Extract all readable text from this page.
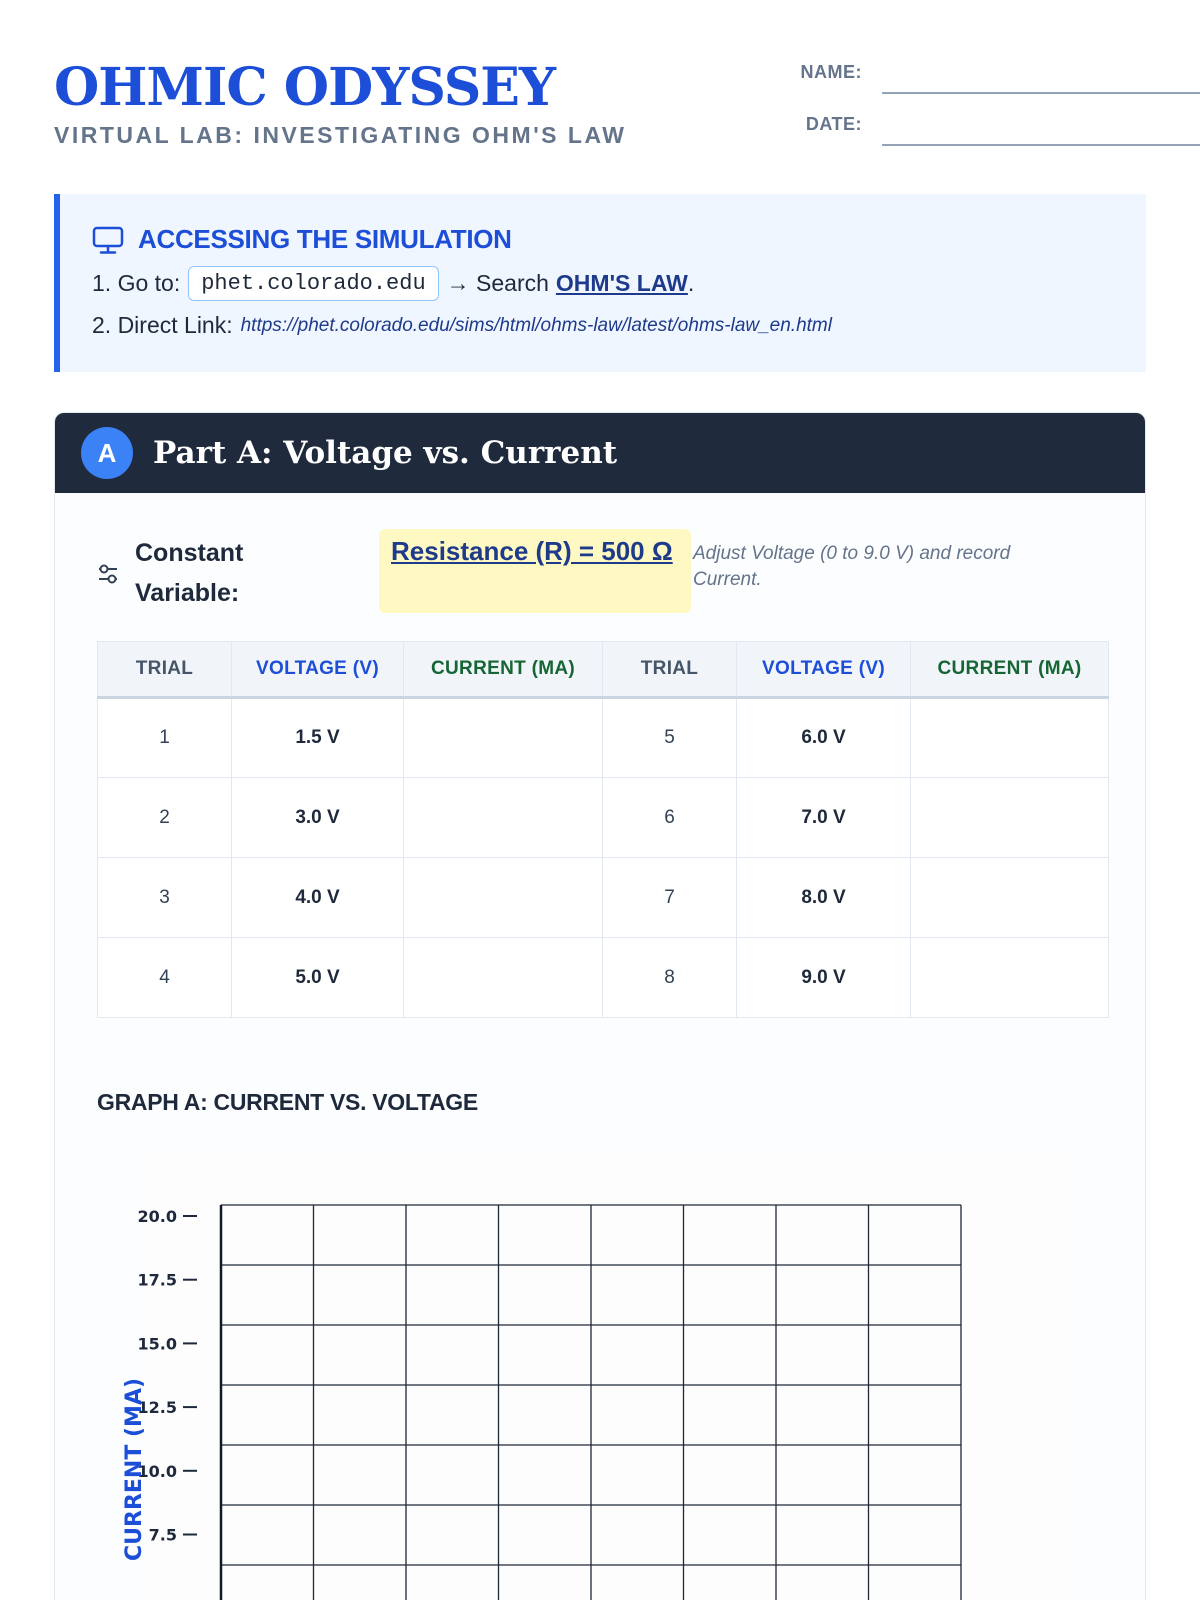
OHMIC ODYSSEY
VIRTUAL LAB: INVESTIGATING OHM'S LAW
NAME:
DATE:
ACCESSING THE SIMULATION
1. Go to: phet.colorado.edu → Search OHM'S LAW .
2. Direct Link: https://phet.colorado.edu/sims/html/ohms-law/latest/ohms-law_en.html
A	Part A: Voltage vs. Current
Constant Variable:
Resistance (R) = 500 Ω	Adjust Voltage (0 to 9.0 V) and record Current.
TRIAL	VOLTAGE (V)	CURRENT (MA)	TRIAL	VOLTAGE (V)	CURRENT (MA)
1	1.5 V		5	6.0 V	
2	3.0 V		6	7.0 V	
3	4.0 V		7	8.0 V	
4	5.0 V		8	9.0 V	
GRAPH A: CURRENT VS. VOLTAGE
20.0
17.5
15.0
12.5
10.0
7.5
CURRENT (MA)
